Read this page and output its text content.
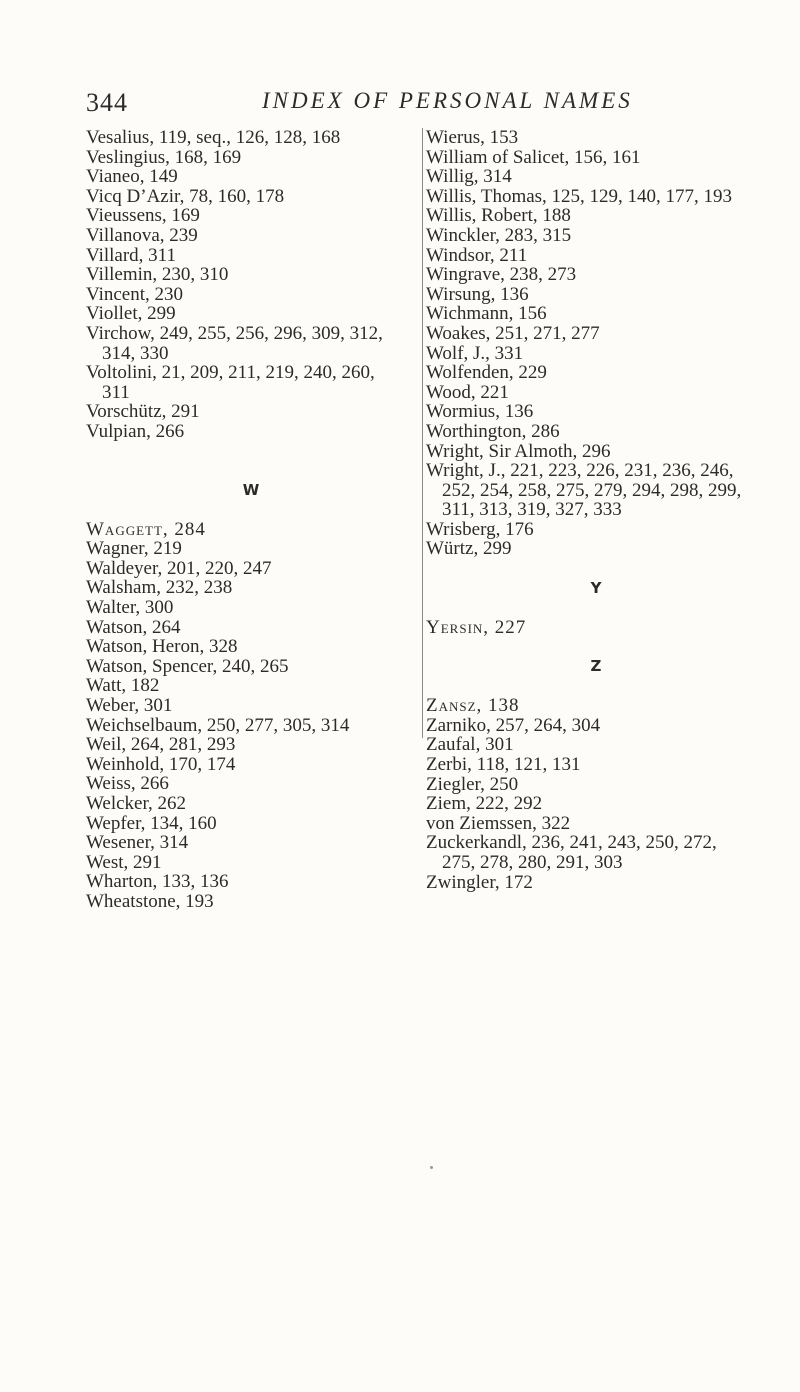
344	INDEX OF PERSONAL NAMES

Vesalius, 119, seq., 126, 128, 168

Veslingius, 168, 169

Vianeo, 149

Vicq D’Azir, 78, 160, 178

Vieussens, 169

Villanova, 239

Villard, 311

Villemin, 230, 310

Vincent, 230

Viollet, 299

Virchow, 249, 255, 256, 296, 309, 312,

314, 330

Voltolini, 21, 209, 211, 219, 240, 260,

311

Vorschütz, 291

Vulpian, 266

W

Waggett, 284

Wagner, 219

Waldeyer, 201, 220, 247

Walsham, 232, 238

Walter, 300

Watson, 264

Watson, Heron, 328

Watson, Spencer, 240, 265

Watt, 182

Weber, 301

Weichselbaum, 250, 277, 305, 314

Weil, 264, 281, 293

Weinhold, 170, 174

Weiss, 266

Welcker, 262

Wepfer, 134, 160

Wesener, 314

West, 291

Wharton, 133, 136

Wheatstone, 193

Wierus, 153

William of Salicet, 156, 161

Willig, 314

Willis, Thomas, 125, 129, 140, 177, 193

Willis, Robert, 188

Winckler, 283, 315

Windsor, 211

Wingrave, 238, 273

Wirsung, 136

Wichmann, 156

Woakes, 251, 271, 277

Wolf, J., 331

Wolfenden, 229

Wood, 221

Wormius, 136

Worthington, 286

Wright, Sir Almoth, 296

Wright, J., 221, 223, 226, 231, 236, 246,

252, 254, 258, 275, 279, 294, 298, 299,

311, 313, 319, 327, 333

Wrisberg, 176

Würtz, 299

Y

Yersin, 227

Z

Zansz, 138

Zarniko, 257, 264, 304

Zaufal, 301

Zerbi, 118, 121, 131

Ziegler, 250

Ziem, 222, 292

von Ziemssen, 322

Zuckerkandl, 236, 241, 243, 250, 272,

275, 278, 280, 291, 303

Zwingler, 172
